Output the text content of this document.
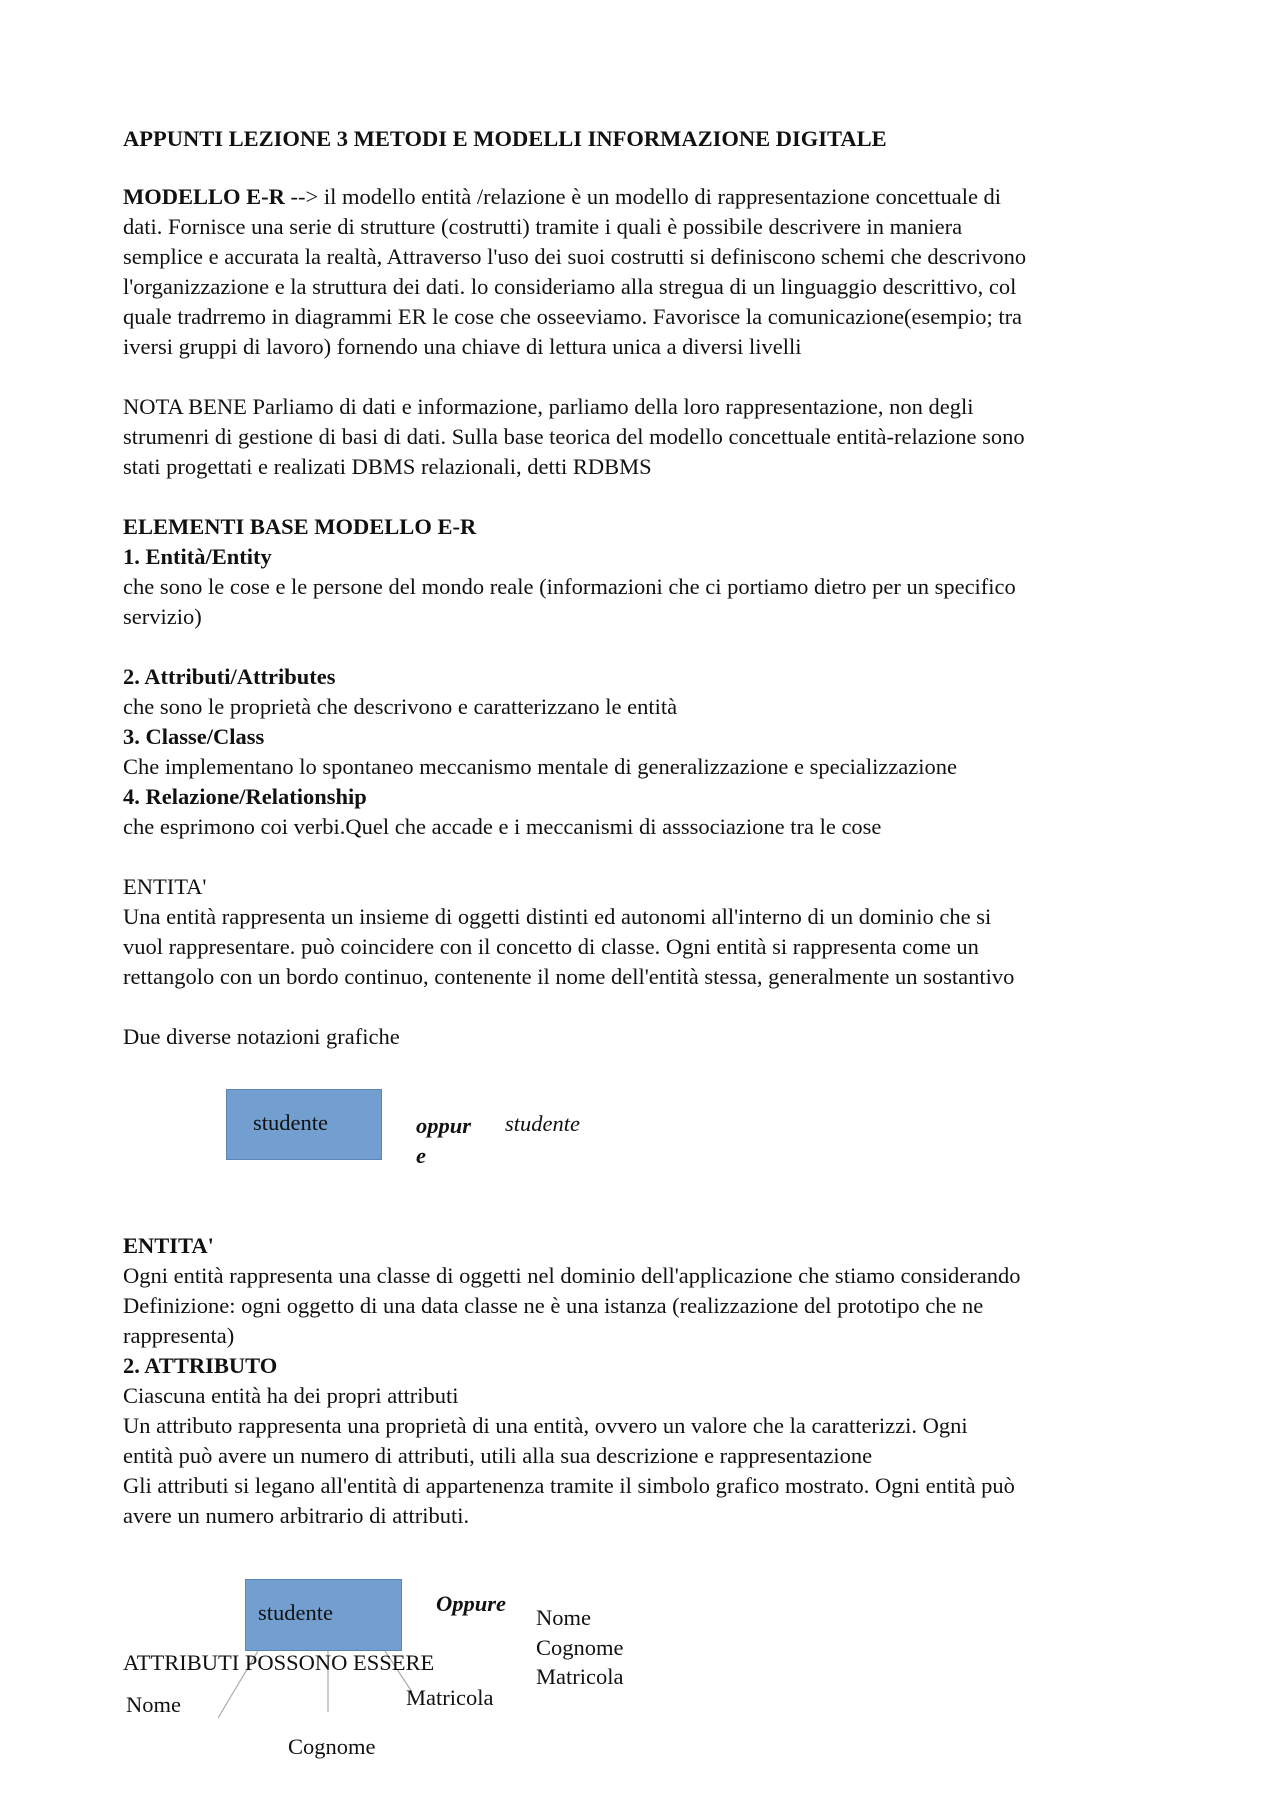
APPUNTI LEZIONE 3 METODI E MODELLI INFORMAZIONE DIGITALE

MODELLO E-R --> il modello entità /relazione è un modello di rappresentazione concettuale di

dati. Fornisce una serie di strutture (costrutti) tramite i quali è possibile descrivere in maniera

semplice e accurata la realtà, Attraverso l'uso dei suoi costrutti si definiscono schemi che descrivono

l'organizzazione e la struttura dei dati. lo consideriamo alla stregua di un linguaggio descrittivo, col

quale tradrremo in diagrammi ER le cose che osseeviamo. Favorisce la comunicazione(esempio; tra

iversi gruppi di lavoro) fornendo una chiave di lettura unica a diversi livelli

NOTA BENE Parliamo di dati e informazione, parliamo della loro rappresentazione, non degli

strumenri di gestione di basi di dati. Sulla base teorica del modello concettuale entità-relazione sono

stati progettati e realizati DBMS relazionali, detti RDBMS

ELEMENTI BASE MODELLO E-R

1. Entità/Entity

che sono le cose e le persone del mondo reale (informazioni che ci portiamo dietro per un specifico

servizio)

2. Attributi/Attributes

che sono le proprietà che descrivono e caratterizzano le entità

3. Classe/Class

Che implementano lo spontaneo meccanismo mentale di generalizzazione e specializzazione

4. Relazione/Relationship

che esprimono coi verbi.Quel che accade e i meccanismi di asssociazione tra le cose

ENTITA'

Una entità rappresenta un insieme di oggetti distinti ed autonomi all'interno di un dominio che si

vuol rappresentare. può coincidere con il concetto di classe. Ogni entità si rappresenta come un

rettangolo con un bordo continuo, contenente il nome dell'entità stessa, generalmente un sostantivo

Due diverse notazioni grafiche

studente	oppur

e

studente

ENTITA'

Ogni entità rappresenta una classe di oggetti nel dominio dell'applicazione che stiamo considerando

Definizione: ogni oggetto di una data classe ne è una istanza (realizzazione del prototipo che ne

rappresenta)

2. ATTRIBUTO

Ciascuna entità ha dei propri attributi

Un attributo rappresenta una proprietà di una entità, ovvero un valore che la caratterizzi. Ogni

entità può avere un numero di attributi, utili alla sua descrizione e rappresentazione

Gli attributi si legano all'entità di appartenenza tramite il simbolo grafico mostrato. Ogni entità può

avere un numero arbitrario di attributi.

studente	Oppure

Nome

Cognome

Matricola

ATTRIBUTI POSSONO ESSERE

Nome	Matricola

Cognome
